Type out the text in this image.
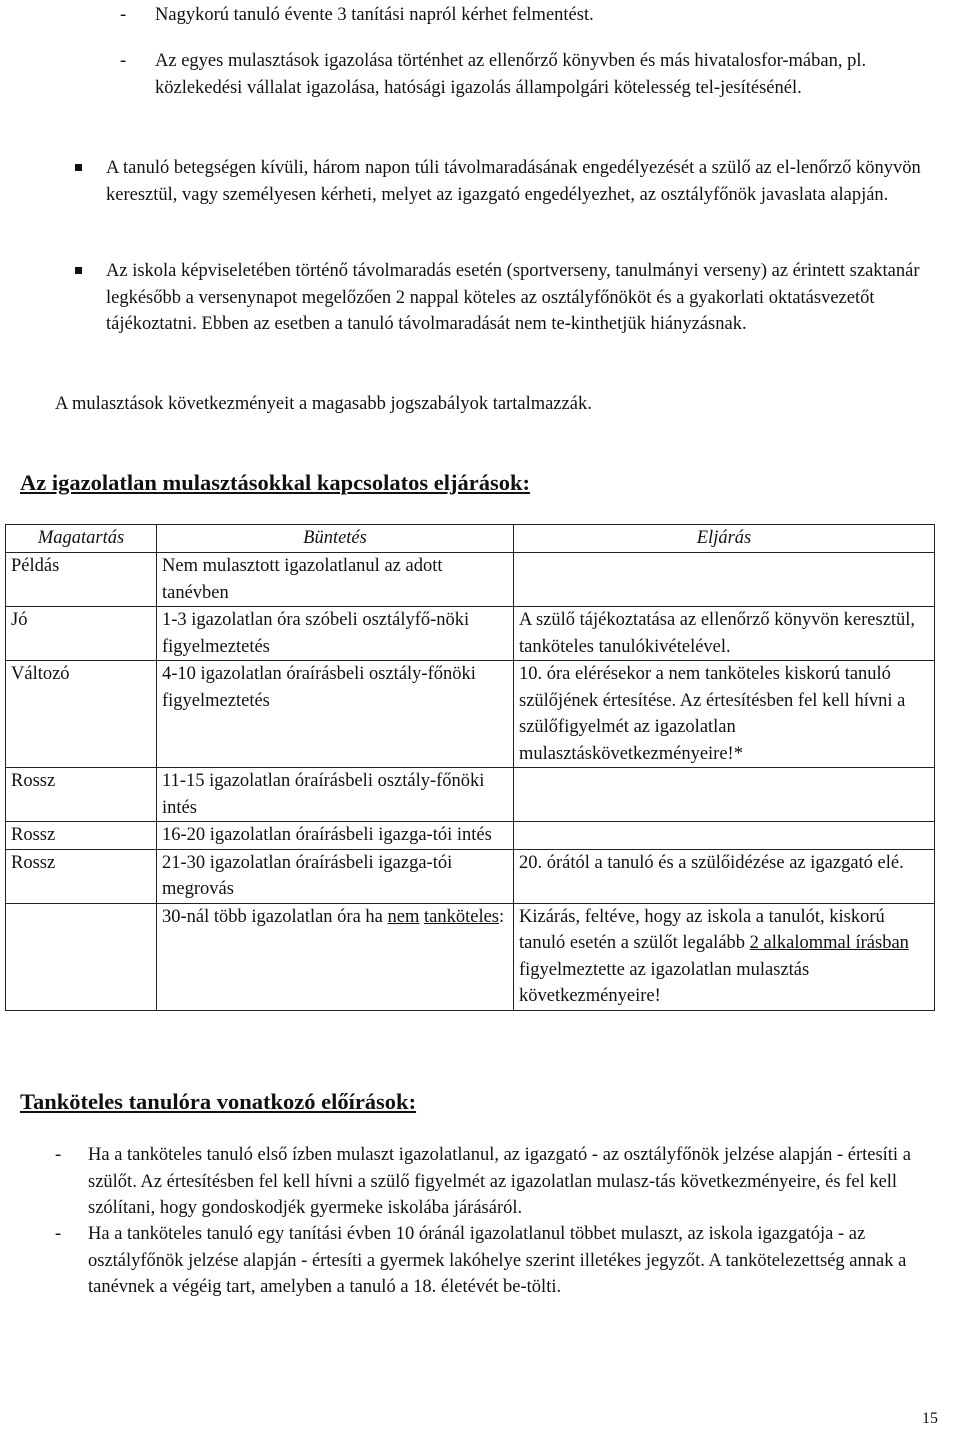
- Nagykorú tanuló évente 3 tanítási napról kérhet felmentést.
- Az egyes mulasztások igazolása történhet az ellenőrző könyvben és más hivatalosfor-mában, pl. közlekedési vállalat igazolása, hatósági igazolás állampolgári kötelesség tel-jesítésénél.
A tanuló betegségen kívüli, három napon túli távolmaradásának engedélyezését a szülő az el-lenőrző könyvön keresztül, vagy személyesen kérheti, melyet az igazgató engedélyezhet, az osztályfőnök javaslata alapján.
Az iskola képviseletében történő távolmaradás esetén (sportverseny, tanulmányi verseny) az érintett szaktanár legkésőbb a versenynapot megelőzően 2 nappal köteles az osztályfőnököt és a gyakorlati oktatásvezetőt tájékoztatni. Ebben az esetben a tanuló távolmaradását nem te-kinthetjük hiányzásnak.
A mulasztások következményeit a magasabb jogszabályok tartalmazzák.
Az igazolatlan mulasztásokkal kapcsolatos eljárások:
Magatartás	Büntetés	Eljárás
Példás	Nem mulasztott igazolatlanul az adott tanévben	
Jó	1-3 igazolatlan óra szóbeli osztályfő-nöki figyelmeztetés	A szülő tájékoztatása az ellenőrző könyvön keresztül, tanköteles tanulókivételével.
Változó	4-10 igazolatlan óraírásbeli osztály-főnöki figyelmeztetés	10. óra elérésekor a nem tanköteles kiskorú tanuló szülőjének értesítése. Az értesítésben fel kell hívni a szülőfigyelmét az igazolatlan mulasztáskövetkezményeire!*
Rossz	11-15 igazolatlan óraírásbeli osztály-főnöki intés	
Rossz	16-20 igazolatlan óraírásbeli igazga-tói intés	
Rossz	21-30 igazolatlan óraírásbeli igazga-tói megrovás	20. órától a tanuló és a szülőidézése az igazgató elé.
	30-nál több igazolatlan óra ha nem tanköteles:	Kizárás, feltéve, hogy az iskola a tanulót, kiskorú tanuló esetén a szülőt legalább 2 alkalommal írásban figyelmeztette az igazolatlan mulasztás következményeire!
Tanköteles tanulóra vonatkozó előírások:
- Ha a tanköteles tanuló első ízben mulaszt igazolatlanul, az igazgató - az osztályfőnök jelzése alapján - értesíti a szülőt. Az értesítésben fel kell hívni a szülő figyelmét az igazolatlan mulasz-tás következményeire, és fel kell szólítani, hogy gondoskodjék gyermeke iskolába járásáról.
- Ha a tanköteles tanuló egy tanítási évben 10 óránál igazolatlanul többet mulaszt, az iskola igazgatója - az osztályfőnök jelzése alapján - értesíti a gyermek lakóhelye szerint illetékes jegyzőt. A tankötelezettség annak a tanévnek a végéig tart, amelyben a tanuló a 18. életévét be-tölti.
15
